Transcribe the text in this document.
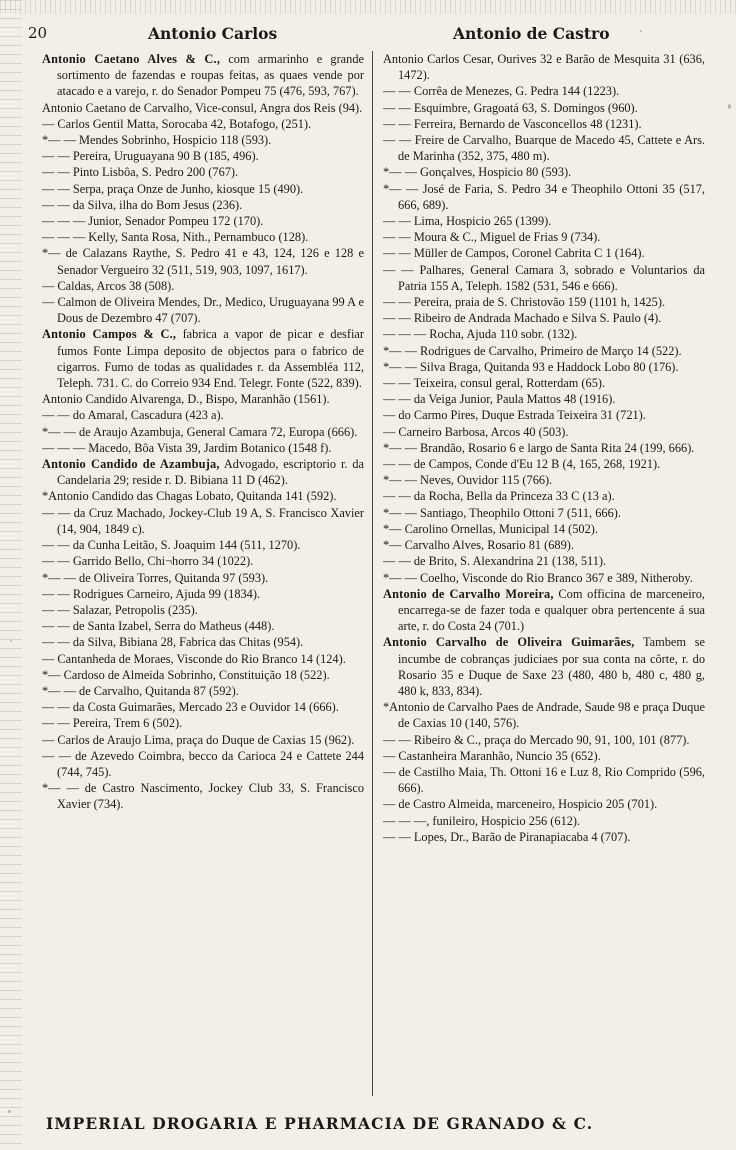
20	Antonio Carlos	Antonio de Castro

Antonio Caetano Alves & C., com armarinho e grande sortimento de fazendas e roupas feitas, as quaes vende por atacado e a varejo, r. do Senador Pompeu 75 (476, 593, 767).

Antonio Caetano de Carvalho, Vice-consul, Angra dos Reis (94).

— Carlos Gentil Matta, Sorocaba 42, Botafogo, (251).

*— — Mendes Sobrinho, Hospicio 118 (593).

— — Pereira, Uruguayana 90 B (185, 496).

— — Pinto Lisbôa, S. Pedro 200 (767).

— — Serpa, praça Onze de Junho, kiosque 15 (490).

— — da Silva, ilha do Bom Jesus (236).

— — — Junior, Senador Pompeu 172 (170).

— — — Kelly, Santa Rosa, Nith., Pernambuco (128).

*— de Calazans Raythe, S. Pedro 41 e 43, 124, 126 e 128 e Senador Vergueiro 32 (511, 519, 903, 1097, 1617).

— Caldas, Arcos 38 (508).

— Calmon de Oliveira Mendes, Dr., Medico, Uruguayana 99 A e Dous de Dezembro 47 (707).

Antonio Campos & C., fabrica a vapor de picar e desfiar fumos Fonte Limpa deposito de objectos para o fabrico de cigarros. Fumo de todas as qualidades r. da Assembléa 112, Teleph. 731. C. do Correio 934 End. Telegr. Fonte (522, 839).

Antonio Candido Alvarenga, D., Bispo, Maranhão (1561).

— — do Amaral, Cascadura (423 a).

*— — de Araujo Azambuja, General Camara 72, Europa (666).

— — — Macedo, Bôa Vista 39, Jardim Botanico (1548 f).

Antonio Candido de Azambuja, Advogado, escriptorio r. da Candelaria 29; reside r. D. Bibiana 11 D (462).

*Antonio Candido das Chagas Lobato, Quitanda 141 (592).

— — da Cruz Machado, Jockey-Club 19 A, S. Francisco Xavier (14, 904, 1849 c).

— — da Cunha Leitão, S. Joaquim 144 (511, 1270).

— — Garrido Bello, Chi¬horro 34 (1022).

*— — de Oliveira Torres, Quitanda 97 (593).

— — Rodrigues Carneiro, Ajuda 99 (1834).

— — Salazar, Petropolis (235).

— — de Santa Izabel, Serra do Matheus (448).

— — da Silva, Bibiana 28, Fabrica das Chitas (954).

— Cantanheda de Moraes, Visconde do Rio Branco 14 (124).

*— Cardoso de Almeida Sobrinho, Constituição 18 (522).

*— — de Carvalho, Quitanda 87 (592).

— — da Costa Guimarães, Mercado 23 e Ouvidor 14 (666).

— — Pereira, Trem 6 (502).

— Carlos de Araujo Lima, praça do Duque de Caxias 15 (962).

— — de Azevedo Coimbra, becco da Carioca 24 e Cattete 244 (744, 745).

*— — de Castro Nascimento, Jockey Club 33, S. Francisco Xavier (734).

Antonio Carlos Cesar, Ourives 32 e Barão de Mesquita 31 (636, 1472).

— — Corrêa de Menezes, G. Pedra 144 (1223).

— — Esquimbre, Gragoatá 63, S. Domingos (960).

— — Ferreira, Bernardo de Vasconcellos 48 (1231).

— — Freire de Carvalho, Buarque de Macedo 45, Cattete e Ars. de Marinha (352, 375, 480 m).

*— — Gonçalves, Hospicio 80 (593).

*— — José de Faria, S. Pedro 34 e Theophilo Ottoni 35 (517, 666, 689).

— — Lima, Hospicio 265 (1399).

— — Moura & C., Miguel de Frias 9 (734).

— — Müller de Campos, Coronel Cabrita C 1 (164).

— — Palhares, General Camara 3, sobrado e Voluntarios da Patria 155 A, Teleph. 1582 (531, 546 e 666).

— — Pereira, praia de S. Christovão 159 (1101 h, 1425).

— — Ribeiro de Andrada Machado e Silva S. Paulo (4).

— — — Rocha, Ajuda 110 sobr. (132).

*— — Rodrigues de Carvalho, Primeiro de Março 14 (522).

*— — Silva Braga, Quitanda 93 e Haddock Lobo 80 (176).

— — Teixeira, consul geral, Rotterdam (65).

— — da Veiga Junior, Paula Mattos 48 (1916).

— do Carmo Pires, Duque Estrada Teixeira 31 (721).

— Carneiro Barbosa, Arcos 40 (503).

*— — Brandão, Rosario 6 e largo de Santa Rita 24 (199, 666).

— — de Campos, Conde d'Eu 12 B (4, 165, 268, 1921).

*— — Neves, Ouvidor 115 (766).

— — da Rocha, Bella da Princeza 33 C (13 a).

*— — Santiago, Theophilo Ottoni 7 (511, 666).

*— Carolino Ornellas, Municipal 14 (502).

*— Carvalho Alves, Rosario 81 (689).

— — de Brito, S. Alexandrina 21 (138, 511).

*— — Coelho, Visconde do Rio Branco 367 e 389, Nitheroby.

Antonio de Carvalho Moreira, Com officina de marceneiro, encarrega-se de fazer toda e qualquer obra pertencente á sua arte, r. do Costa 24 (701.)

Antonio Carvalho de Oliveira Guimarães, Tambem se incumbe de cobranças judiciaes por sua conta na côrte, r. do Rosario 35 e Duque de Saxe 23 (480, 480 b, 480 c, 480 g, 480 k, 833, 834).

*Antonio de Carvalho Paes de Andrade, Saude 98 e praça Duque de Caxias 10 (140, 576).

— — Ribeiro & C., praça do Mercado 90, 91, 100, 101 (877).

— Castanheira Maranhão, Nuncio 35 (652).

— de Castilho Maia, Th. Ottoni 16 e Luz 8, Rio Comprido (596, 666).

— de Castro Almeida, marceneiro, Hospicio 205 (701).

— — —, funileiro, Hospicio 256 (612).

— — Lopes, Dr., Barão de Piranapiacaba 4 (707).

IMPERIAL DROGARIA E PHARMACIA DE GRANADO & C.
